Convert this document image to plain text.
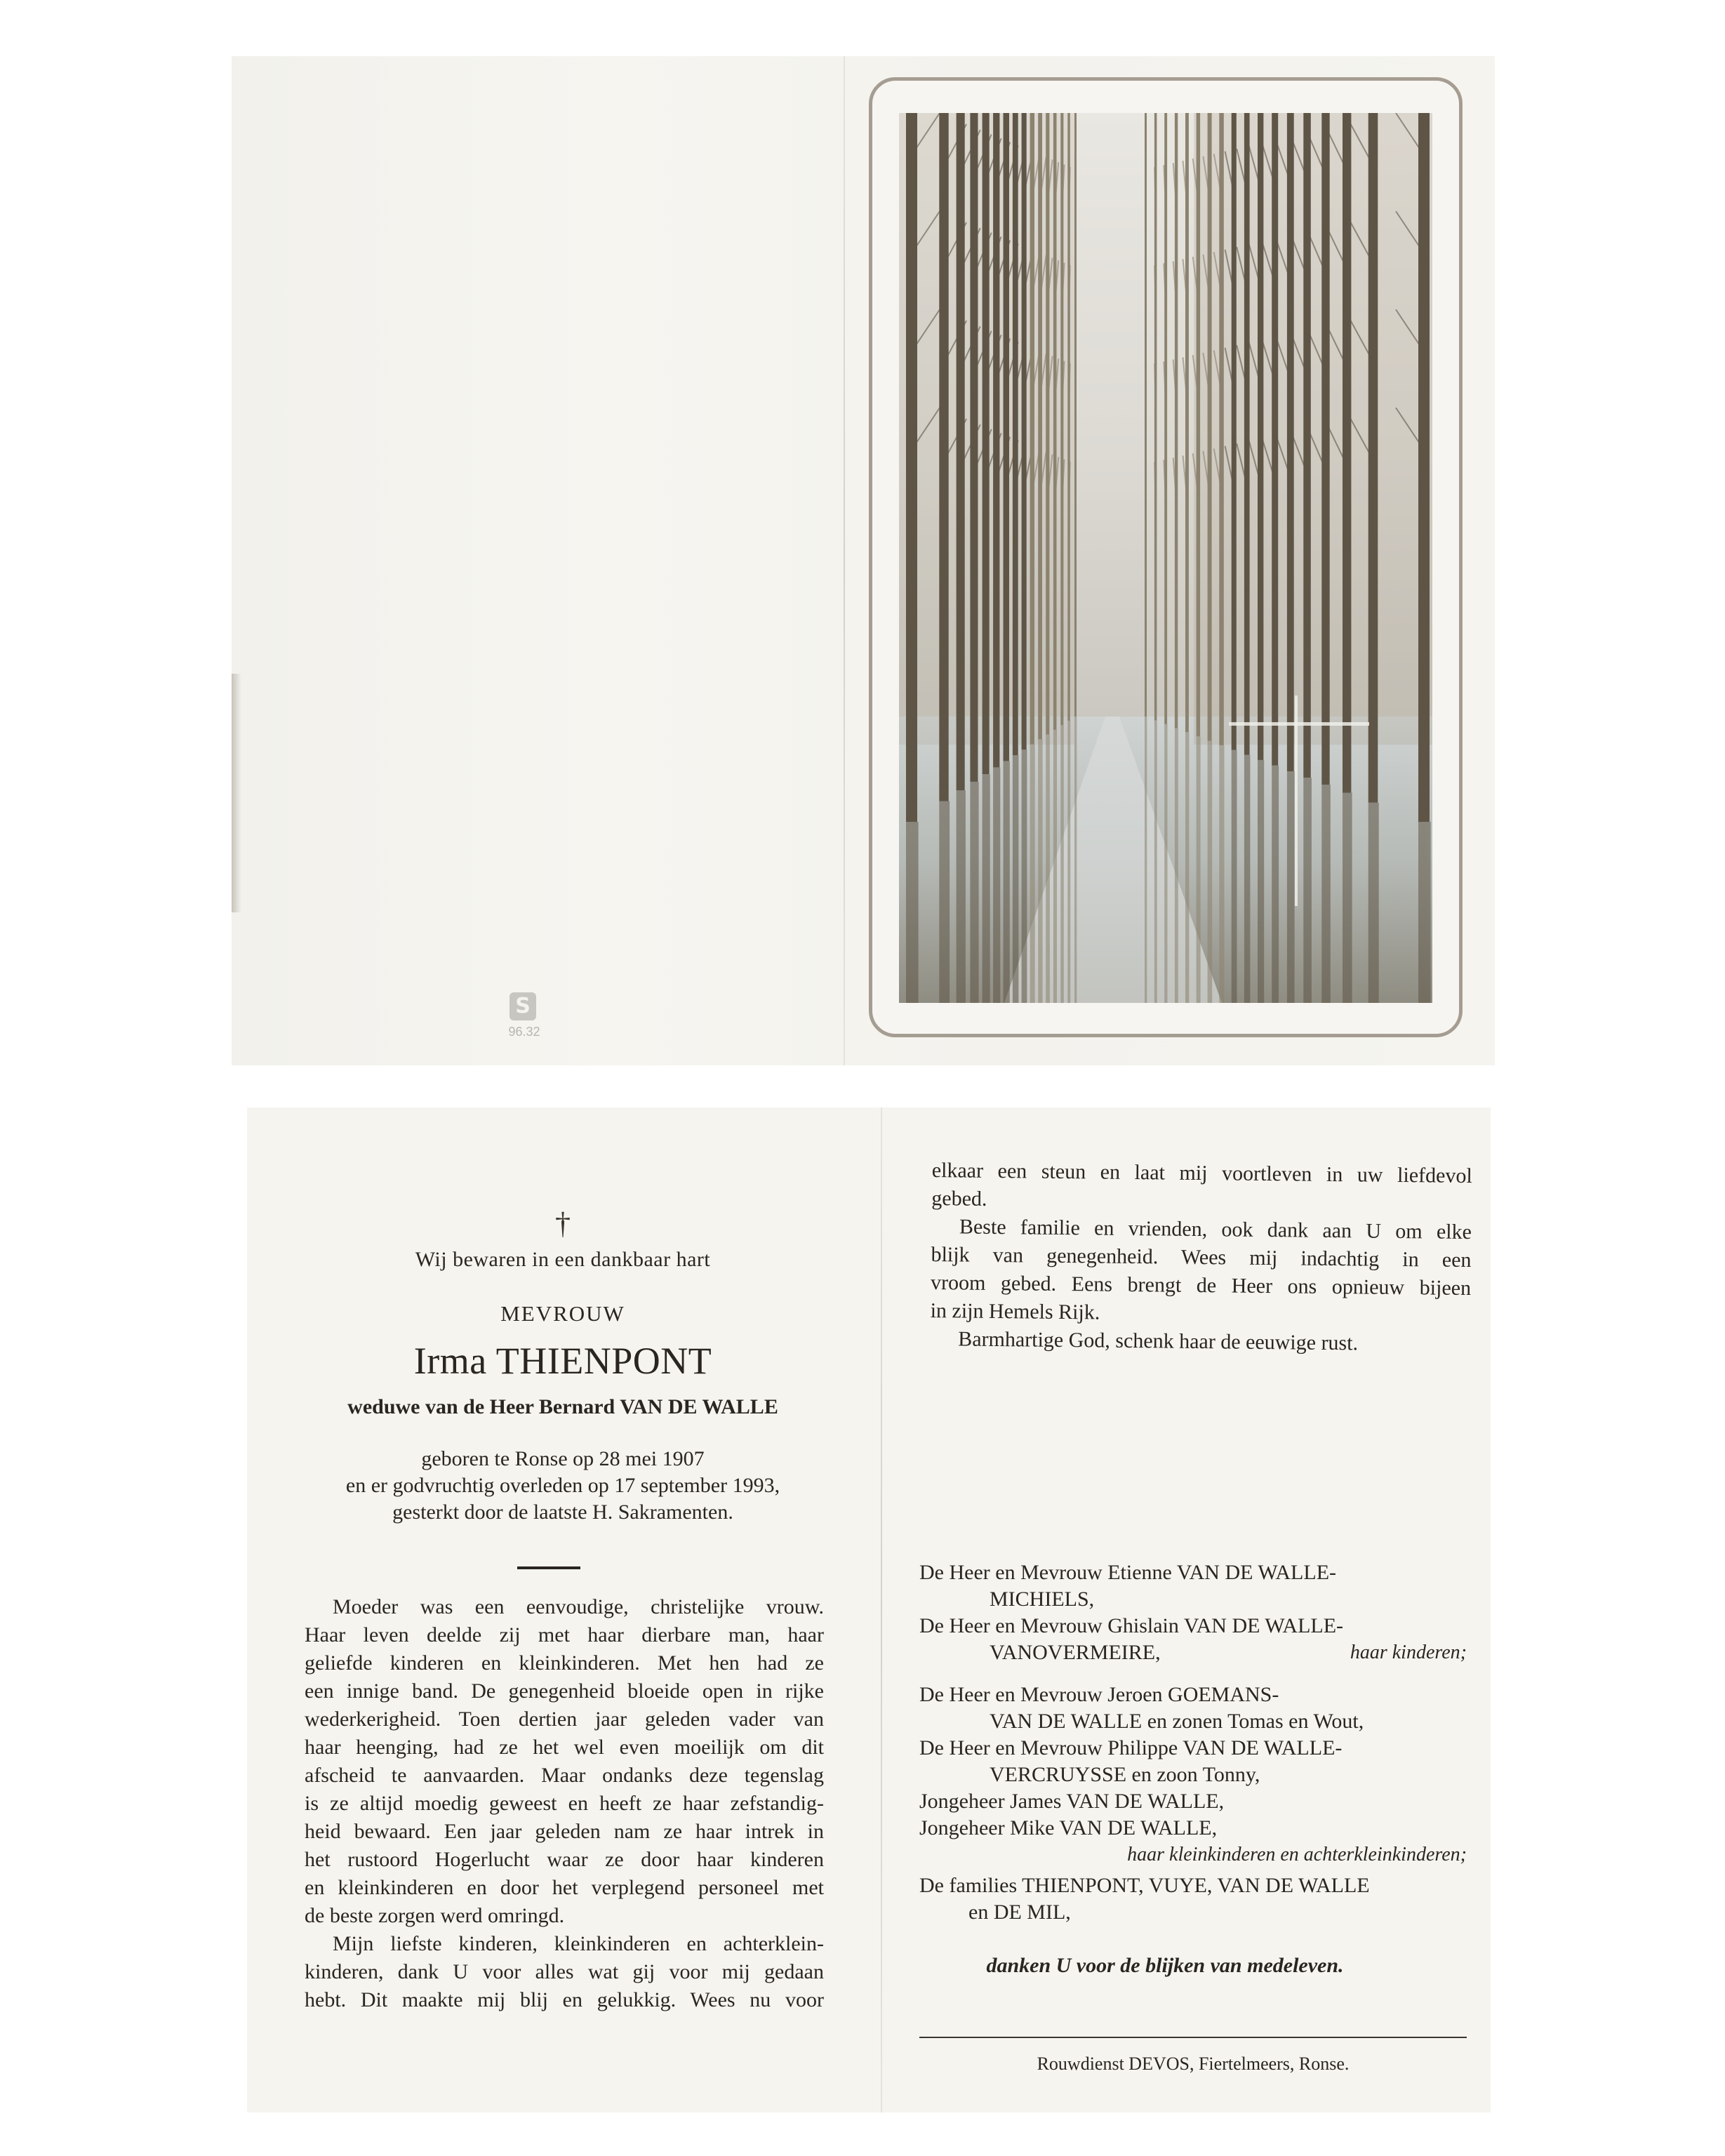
S
96.32
†
Wij bewaren in een dankbaar hart
MEVROUW
Irma THIENPONT
weduwe van de Heer Bernard VAN DE WALLE
geboren te Ronse op 28 mei 1907
en er godvruchtig overleden op 17 september 1993,
gesterkt door de laatste H. Sakramenten.
Moeder was een eenvoudige, christelijke vrouw.
Haar leven deelde zij met haar dierbare man, haar
geliefde kinderen en kleinkinderen. Met hen had ze
een innige band. De genegenheid bloeide open in rijke
wederkerigheid. Toen dertien jaar geleden vader van
haar heenging, had ze het wel even moeilijk om dit
afscheid te aanvaarden. Maar ondanks deze tegenslag
is ze altijd moedig geweest en heeft ze haar zefstandig-
heid bewaard. Een jaar geleden nam ze haar intrek in
het rustoord Hogerlucht waar ze door haar kinderen
en kleinkinderen en door het verplegend personeel met
de beste zorgen werd omringd.
Mijn liefste kinderen, kleinkinderen en achterklein-
kinderen, dank U voor alles wat gij voor mij gedaan
hebt. Dit maakte mij blij en gelukkig. Wees nu voor
elkaar een steun en laat mij voortleven in uw liefdevol
gebed.
Beste familie en vrienden, ook dank aan U om elke
blijk van genegenheid. Wees mij indachtig in een
vroom gebed. Eens brengt de Heer ons opnieuw bijeen
in zijn Hemels Rijk.
Barmhartige God, schenk haar de eeuwige rust.
De Heer en Mevrouw Etienne VAN DE WALLE-
MICHIELS,
De Heer en Mevrouw Ghislain VAN DE WALLE-
VANOVERMEIRE,	haar kinderen;
De Heer en Mevrouw Jeroen GOEMANS-
VAN DE WALLE en zonen Tomas en Wout,
De Heer en Mevrouw Philippe VAN DE WALLE-
VERCRUYSSE en zoon Tonny,
Jongeheer James VAN DE WALLE,
Jongeheer Mike VAN DE WALLE,
haar kleinkinderen en achterkleinkinderen;
De families THIENPONT, VUYE, VAN DE WALLE
en DE MIL,
danken U voor de blijken van medeleven.
Rouwdienst DEVOS, Fiertelmeers, Ronse.
